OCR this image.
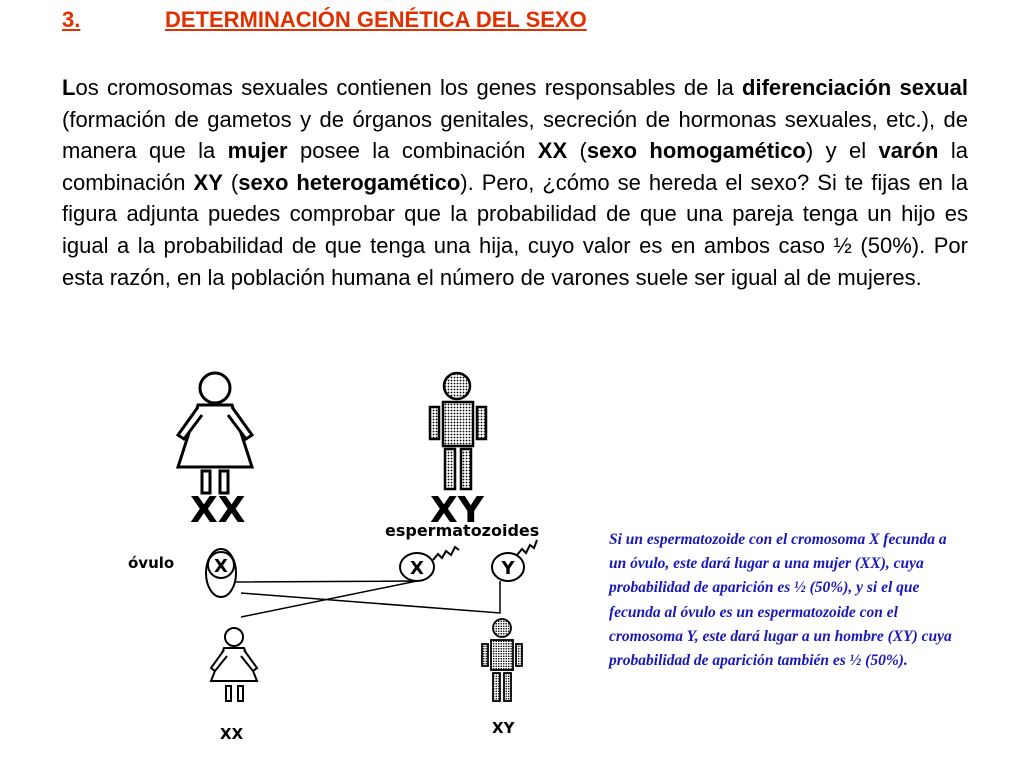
3.	DETERMINACIÓN GENÉTICA DEL SEXO

Los cromosomas sexuales contienen los genes responsables de la diferenciación sexual (formación de gametos y de órganos genitales, secreción de hormonas sexuales, etc.), de manera que la mujer posee la combinación XX (sexo homogamético) y el varón la combinación XY (sexo heterogamético). Pero, ¿cómo se hereda el sexo? Si te fijas en la figura adjunta puedes comprobar que la probabilidad de que una pareja tenga un hijo es igual a la probabilidad de que tenga una hija, cuyo valor es en ambos caso ½ (50%). Por esta razón, en la población humana el número de varones suele ser igual al de mujeres.

XX	XY
espermatozoides
óvulo X	X	Y
XX	XY

Si un espermatozoide con el cromosoma X fecunda a un óvulo, este dará lugar a una mujer (XX), cuya probabilidad de aparición es ½ (50%), y si el que fecunda al óvulo es un espermatozoide con el cromosoma Y, este dará lugar a un hombre (XY) cuya probabilidad de aparición también es ½ (50%).
